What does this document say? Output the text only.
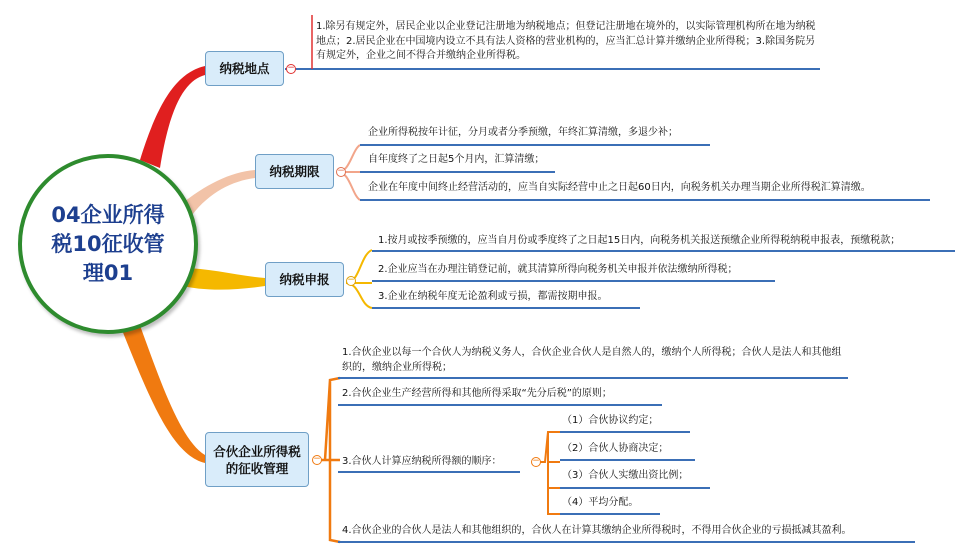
04企业所得税10征收管理01
纳税地点 −
1.除另有规定外，居民企业以企业登记注册地为纳税地点；但登记注册地在境外的，以实际管理机构所在地为纳税地点；2.居民企业在中国境内设立不具有法人资格的营业机构的，应当汇总计算并缴纳企业所得税；3.除国务院另有规定外，企业之间不得合并缴纳企业所得税。
纳税期限 −
企业所得税按年计征，分月或者分季预缴，年终汇算清缴，多退少补；
自年度终了之日起5个月内，汇算清缴；
企业在年度中间终止经营活动的，应当自实际经营中止之日起60日内，向税务机关办理当期企业所得税汇算清缴。
纳税申报 −
1.按月或按季预缴的，应当自月份或季度终了之日起15日内，向税务机关报送预缴企业所得税纳税申报表，预缴税款；
2.企业应当在办理注销登记前，就其清算所得向税务机关申报并依法缴纳所得税；
3.企业在纳税年度无论盈利或亏损，都需按期申报。
合伙企业所得税的征收管理
−
1.合伙企业以每一个合伙人为纳税义务人，合伙企业合伙人是自然人的，缴纳个人所得税；合伙人是法人和其他组织的，缴纳企业所得税；
2.合伙企业生产经营所得和其他所得采取“先分后税”的原则；
3.合伙人计算应纳税所得额的顺序：	−
4.合伙企业的合伙人是法人和其他组织的，合伙人在计算其缴纳企业所得税时，不得用合伙企业的亏损抵减其盈利。
（1）合伙协议约定；
（2）合伙人协商决定；
（3）合伙人实缴出资比例；
（4）平均分配。
